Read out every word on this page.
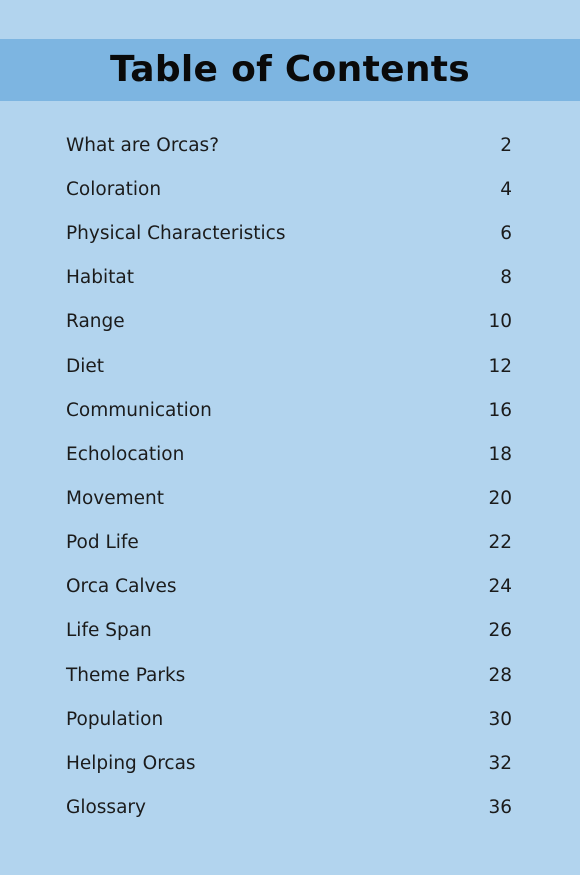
Table of Contents
What are Orcas?	2
Coloration	4
Physical Characteristics	6
Habitat	8
Range	10
Diet	12
Communication	16
Echolocation	18
Movement	20
Pod Life	22
Orca Calves	24
Life Span	26
Theme Parks	28
Population	30
Helping Orcas	32
Glossary	36
